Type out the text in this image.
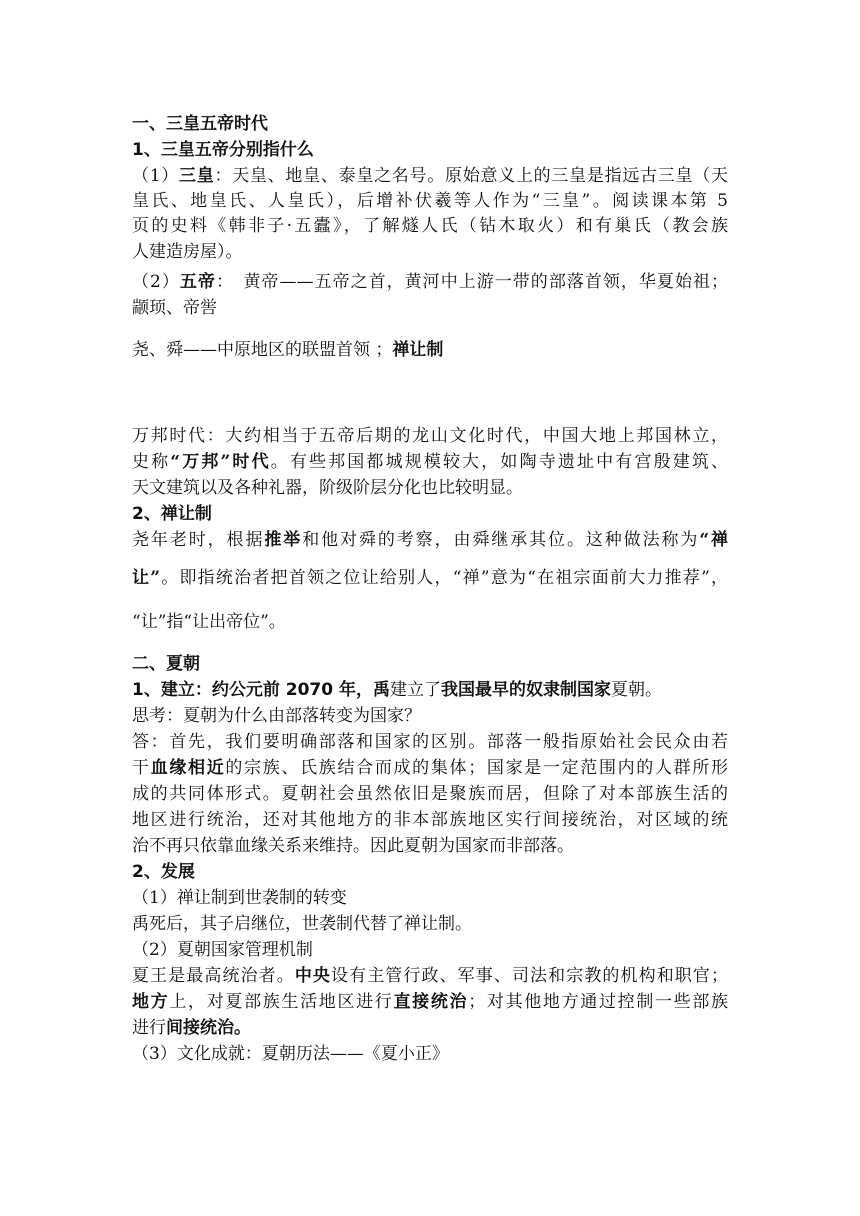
一、三皇五帝时代
1、三皇五帝分别指什么
（1）三皇：天皇、地皇、泰皇之名号。原始意义上的三皇是指远古三皇（天
皇氏、地皇氏、人皇氏），后增补伏羲等人作为“三皇”。阅读课本第 5
页的史料《韩非子·五蠹》，了解燧人氏（钻木取火）和有巢氏（教会族
人建造房屋）。
（2）五帝：　黄帝——五帝之首，黄河中上游一带的部落首领，华夏始祖；
颛顼、帝喾
尧、舜——中原地区的联盟首领 ；禅让制
万邦时代：大约相当于五帝后期的龙山文化时代，中国大地上邦国林立，
史称“万邦”时代。有些邦国都城规模较大，如陶寺遗址中有宫殷建筑、
天文建筑以及各种礼器，阶级阶层分化也比较明显。
2、禅让制
尧年老时，根据推举和他对舜的考察，由舜继承其位。这种做法称为“禅
让”。即指统治者把首领之位让给别人，“禅”意为“在祖宗面前大力推荐”，
“让”指“让出帝位”。
二、夏朝
1、建立：约公元前 2070 年，禹建立了我国最早的奴隶制国家夏朝。
思考：夏朝为什么由部落转变为国家？
答：首先，我们要明确部落和国家的区别。部落一般指原始社会民众由若
干血缘相近的宗族、氏族结合而成的集体；国家是一定范围内的人群所形
成的共同体形式。夏朝社会虽然依旧是聚族而居，但除了对本部族生活的
地区进行统治，还对其他地方的非本部族地区实行间接统治，对区域的统
治不再只依靠血缘关系来维持。因此夏朝为国家而非部落。
2、发展
（1）禅让制到世袭制的转变
禹死后，其子启继位，世袭制代替了禅让制。
（2）夏朝国家管理机制
夏王是最高统治者。中央设有主管行政、军事、司法和宗教的机构和职官；
地方上，对夏部族生活地区进行直接统治；对其他地方通过控制一些部族
进行间接统治。
（3）文化成就：夏朝历法——《夏小正》
